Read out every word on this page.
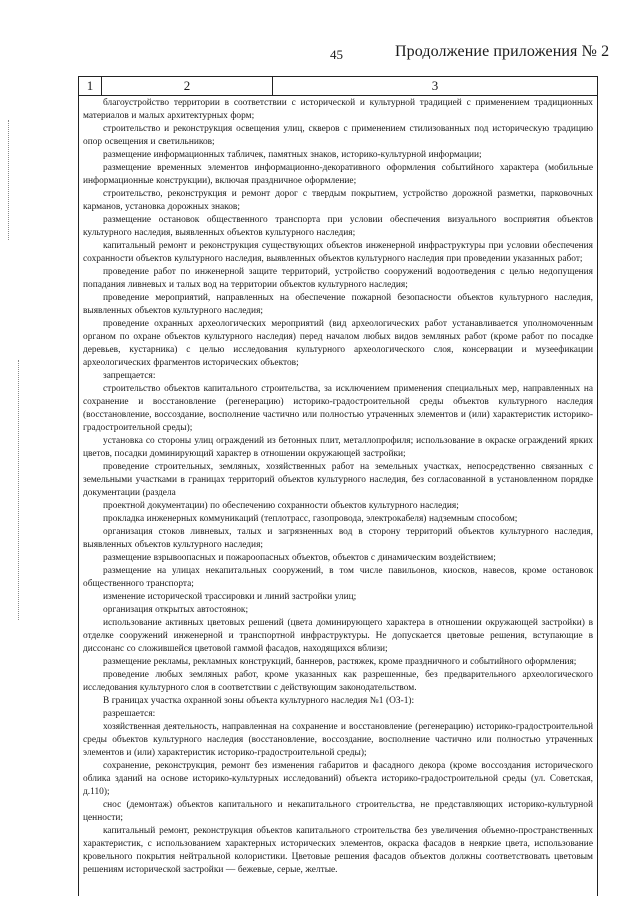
45	Продолжение приложения № 2
1	2	3

благоустройство территории в соответствии с исторической и культурной традицией с применением традиционных материалов и малых архитектурных форм;

строительство и реконструкция освещения улиц, скверов с применением стилизованных под историческую традицию опор освещения и светильников;

размещение информационных табличек, памятных знаков, историко-культурной информации;

размещение временных элементов информационно-декоративного оформления событийного характера (мобильные информационные конструкции), включая праздничное оформление;

строительство, реконструкция и ремонт дорог с твердым покрытием, устройство дорожной разметки, парковочных карманов, установка дорожных знаков;

размещение остановок общественного транспорта при условии обеспечения визуального восприятия объектов культурного наследия, выявленных объектов культурного наследия;

капитальный ремонт и реконструкция существующих объектов инженерной инфраструктуры при условии обеспечения сохранности объектов культурного наследия, выявленных объектов культурного наследия при проведении указанных работ;

проведение работ по инженерной защите территорий, устройство сооружений водоотведения с целью недопущения попадания ливневых и талых вод на территории объектов культурного наследия;

проведение мероприятий, направленных на обеспечение пожарной безопасности объектов культурного наследия, выявленных объектов культурного наследия;

проведение охранных археологических мероприятий (вид археологических работ устанавливается уполномоченным органом по охране объектов культурного наследия) перед началом любых видов земляных работ (кроме работ по посадке деревьев, кустарника) с целью исследования культурного археологического слоя, консервации и музеефикации археологических фрагментов исторических объектов;

запрещается:

строительство объектов капитального строительства, за исключением применения специальных мер, направленных на сохранение и восстановление (регенерацию) историко-градостроительной среды объектов культурного наследия (восстановление, воссоздание, восполнение частично или полностью утраченных элементов и (или) характеристик историко-градостроительной среды);

установка со стороны улиц ограждений из бетонных плит, металлопрофиля; использование в окраске ограждений ярких цветов, посадки доминирующий характер в отношении окружающей застройки;

проведение строительных, земляных, хозяйственных работ на земельных участках, непосредственно связанных с земельными участками в границах территорий объектов культурного наследия, без согласованной в установленном порядке документации (раздела

проектной документации) по обеспечению сохранности объектов культурного наследия;

прокладка инженерных коммуникаций (теплотрасс, газопровода, электрокабеля) надземным способом;

организация стоков ливневых, талых и загрязненных вод в сторону территорий объектов культурного наследия, выявленных объектов культурного наследия;

размещение взрывоопасных и пожароопасных объектов, объектов с динамическим воздействием;

размещение на улицах некапитальных сооружений, в том числе павильонов, киосков, навесов, кроме остановок общественного транспорта;

изменение исторической трассировки и линий застройки улиц;

организация открытых автостоянок;

использование активных цветовых решений (цвета доминирующего характера в отношении окружающей застройки) в отделке сооружений инженерной и транспортной инфраструктуры. Не допускается цветовые решения, вступающие в диссонанс со сложившейся цветовой гаммой фасадов, находящихся вблизи;

размещение рекламы, рекламных конструкций, баннеров, растяжек, кроме праздничного и событийного оформления;

проведение любых земляных работ, кроме указанных как разрешенные, без предварительного археологического исследования культурного слоя в соответствии с действующим законодательством.

В границах участка охранной зоны объекта культурного наследия №1 (ОЗ-1):

разрешается:

хозяйственная деятельность, направленная на сохранение и восстановление (регенерацию) историко-градостроительной среды объектов культурного наследия (восстановление, воссоздание, восполнение частично или полностью утраченных элементов и (или) характеристик историко-градостроительной среды);

сохранение, реконструкция, ремонт без изменения габаритов и фасадного декора (кроме воссоздания исторического облика зданий на основе историко-культурных исследований) объекта историко-градостроительной среды (ул. Советская, д.110);

снос (демонтаж) объектов капитального и некапитального строительства, не представляющих историко-культурной ценности;

капитальный ремонт, реконструкция объектов капитального строительства без увеличения объемно-пространственных характеристик, с использованием характерных исторических элементов, окраска фасадов в неяркие цвета, использование кровельного покрытия нейтральной колористики. Цветовые решения фасадов объектов должны соответствовать цветовым решениям исторической застройки — бежевые, серые, желтые.
